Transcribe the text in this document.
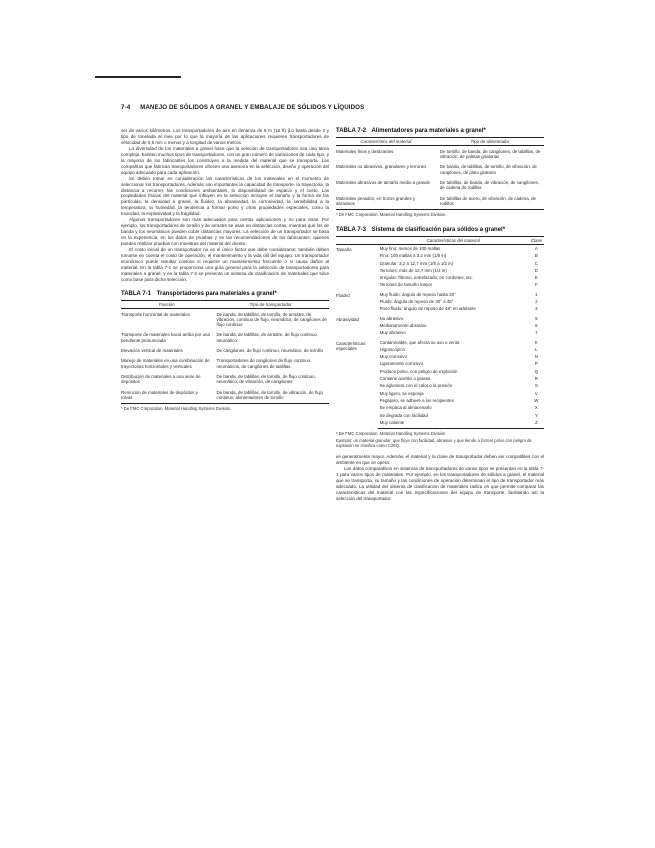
7-4 MANEJO DE SÓLIDOS A GRANEL Y EMBALAJE DE SÓLIDOS Y LÍQUIDOS

ser de varios kilómetros. Los transportadores de aire en llenanza de 5 m (16 ft) [Lo basta desde 2 y tipo de tonelada al mes por lo que la mayoría de las aplicaciones requieren transportadores de velocidad de 0,5 m/s o menos y a longitud de varios metros.

La diversidad de los materiales a granel hace que la seleción de transportadores sea una tarea compleja. Existen muchos tipos de transportadores, con un gran número de variaciones de cada tipo, y la mayoría de los fabricantes los construyen a la medida del material que se transporta. Las compañías que fabrican transportadores ofrecen una asesoría en la selección, diseño y operación del equipo adecuado para cada aplicación.

Se deben tomar en consideración las características de los materiales en el momento de seleccionar los transportadores. Además son importantes la capacidad de transporte, la trayectoria, la distancia a recorrer, las condiciones ambientales, la disponibilidad de espacio y el costo. Las propiedades físicas del material que influyen en la selección incluyen el tamaño y la forma de las partículas, la densidad a granel, la fluidez, la abrasividad, la corrosividad, la sensibilidad a la temperatura, la humedad, la tendencia a formar polvo y otras propiedades especiales, como la toxicidad, la explosividad y la fragilidad.

Algunos transportadores son más adecuados para ciertas aplicaciones y no para otras. Por ejemplo, los transportadores de tornillo y de arrastre se usan en distancias cortas, mientras que los de banda y los neumáticos pueden cubrir distancias mayores. La selección de un transportador se basa en la experiencia, en los datos de pruebas y en las recomendaciones de los fabricantes, quienes pueden realizar pruebas con muestras del material del cliente.

El costo inicial de un transportador no es el único factor que debe considerarse; también deben tomarse en cuenta el costo de operación, el mantenimiento y la vida útil del equipo. Un transportador económico puede resultar costoso si requiere un mantenimiento frecuente o si causa daños al material. En la tabla 7-1 se proporciona una guía general para la selección de transportadores para materiales a granel, y en la tabla 7-3 se presenta un sistema de clasificación de materiales que sirve como base para dicha selección.

TABLA 7-1 Transportadores para materiales a granel*
Función	Tipo de transportador
Transporte horizontal de materiales	De banda, de tablillas, de tornillo, de arrastre, de vibración, continuo de flujo, neumático, de cangilones de flujo continuo
Transporte de materiales hacia arriba por una pendiente pronunciada	De banda, de tablillas, de arrastre, de flujo continuo, neumático
Elevación vertical de materiales	De cangilones, de flujo continuo, neumático, de tornillo
Manejo de materiales en una combinación de trayectorias horizontales y verticales	Transportadores de cangilones de flujo continuo, neumáticos, de cangilones de tablillas
Distribución de materiales a una serie de depósitos	De banda, de tablillas, de tornillo, de flujo continuo, neumático, de vibración, de cangilones
Remoción de materiales de depósitos y tolvas	De banda, de tablillas, de tornillo, de vibración, de flujo continuo, alimentadores de tornillo
* De FMC Corporation, Material Handling Systems Division.
TABLA 7-2 Alimentadores para materiales a granel*
Característica del material	Tipo de alimentador
Materiales finos y deslizantes	De tornillo, de banda, de cangilones, de tablillas, de vibración, de paletas giratorias
Materiales no abrasivos, granulares y terrones	De banda, de tablillas, de tornillo, de vibración, de cangilones, de plato giratorio
Materiales abrasivos de tamaño medio a grande	De tablillas, de banda, de vibración, de cangilones, de cadena de rodillos
Materiales pesados, en trozos grandes y abrasivos	De tablillas de acero, de vibración, de cadena, de rodillos
* De FMC Corporation, Material Handling Systems Division.
TABLA 7-3 Sistema de clasificación para sólidos a granel*
	Características del material	Clase
Tamaño	Muy fino: menos de 100 mallas	A
	Fino: 100 mallas a 3,2 mm (1/8 in)	B
	Granular: 3,2 a 12,7 mm (1/8 a 1/2 in)	C
	Terrones: más de 12,7 mm (1/2 in)	D
	Irregular: fibroso, entrelazado, en cordones, etc.	E
	Terrones de tamaño mayor	F
Fluidez	Muy fluido: ángulo de reposo hasta 30°	1
	Fluido: ángulo de reposo de 30° a 45°	2
	Poco fluido: ángulo de reposo de 45° en adelante	3
Abrasividad	No abrasivo	5
	Medianamente abrasivo	6
	Muy abrasivo	7
Características especiales	Contaminable, que afecta su uso o venta	K
	Higroscópico	L
	Muy corrosivo	N
	Ligeramente corrosivo	P
	Produce polvo, con peligro de explosión	Q
	Contiene aceites o grasas	R
	Se aglomera con el calor o la presión	S
	Muy ligero, se esponja	V
	Pegajoso, se adhiere a los recipientes	W
	Se empaca al almacenarlo	X
	Se degrada con facilidad	Y
	Muy caliente	Z
* De FMC Corporation, Material Handling Systems Division.
Ejemplo: un material granular, que fluye con facilidad, abrasivo y que tiende a formar polvo con peligro de explosión se clasifica como C26Q.

es generalmente mayor. Además, el material y la clase de transportador deben ser compatibles con el ambiente en que se opera.

Los datos comparativos en sistemas de transportadores de varios tipos se presentan en la tabla 7-1 para varios tipos de materiales. Por ejemplo, en los transportadores de sólidos a granel, el material que se transporta, su tamaño y las condiciones de operación determinan el tipo de transportador más adecuado. La utilidad del sistema de clasificación de materiales radica en que permite comparar las características del material con las especificaciones del equipo de transporte, facilitando así la selección del transportador.
